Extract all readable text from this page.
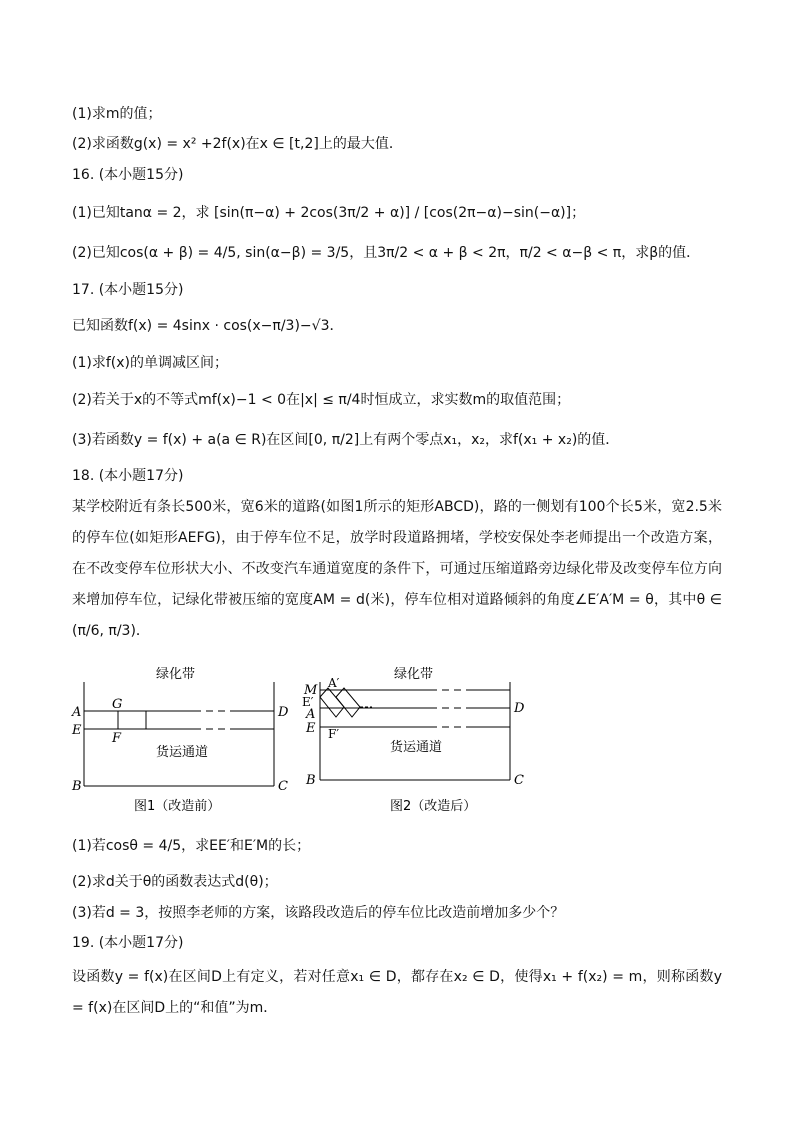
(1)求m的值；
(2)求函数g(x) = x² +2f(x)在x ∈ [t,2]上的最大值．
16. (本小题15分)
(1)已知tanα = 2，求 [sin(π−α) + 2cos(3π/2 + α)] / [cos(2π−α)−sin(−α)]；
(2)已知cos(α + β) = 4/5, sin(α−β) = 3/5，且3π/2 < α + β < 2π，π/2 < α−β < π，求β的值．
17. (本小题15分)
已知函数f(x) = 4sinx · cos(x−π/3)−√3．
(1)求f(x)的单调减区间；
(2)若关于x的不等式mf(x)−1 < 0在|x| ≤ π/4时恒成立，求实数m的取值范围；
(3)若函数y = f(x) + a(a ∈ R)在区间[0, π/2]上有两个零点x₁，x₂，求f(x₁ + x₂)的值．
18. (本小题17分)
某学校附近有条长500米，宽6米的道路(如图1所示的矩形ABCD)，路的一侧划有100个长5米，宽2.5米的停车位(如矩形AEFG)，由于停车位不足，放学时段道路拥堵，学校安保处李老师提出一个改造方案，在不改变停车位形状大小、不改变汽车通道宽度的条件下，可通过压缩道路旁边绿化带及改变停车位方向来增加停车位，记绿化带被压缩的宽度AM = d(米)，停车位相对道路倾斜的角度∠E′A′M = θ，其中θ ∈ (π/6, π/3)．
绿化带
G
A	D
E
F
货运通道
B	C
图1（改造前）
绿化带
A′
M
E′
A	D
E F′
货运通道
B	C
图2（改造后）
(1)若cosθ = 4/5，求EE′和E′M的长；
(2)求d关于θ的函数表达式d(θ)；
(3)若d = 3，按照李老师的方案，该路段改造后的停车位比改造前增加多少个？
19. (本小题17分)
设函数y = f(x)在区间D上有定义，若对任意x₁ ∈ D，都存在x₂ ∈ D，使得x₁ + f(x₂) = m，则称函数y = f(x)在区间D上的“和值”为m．
